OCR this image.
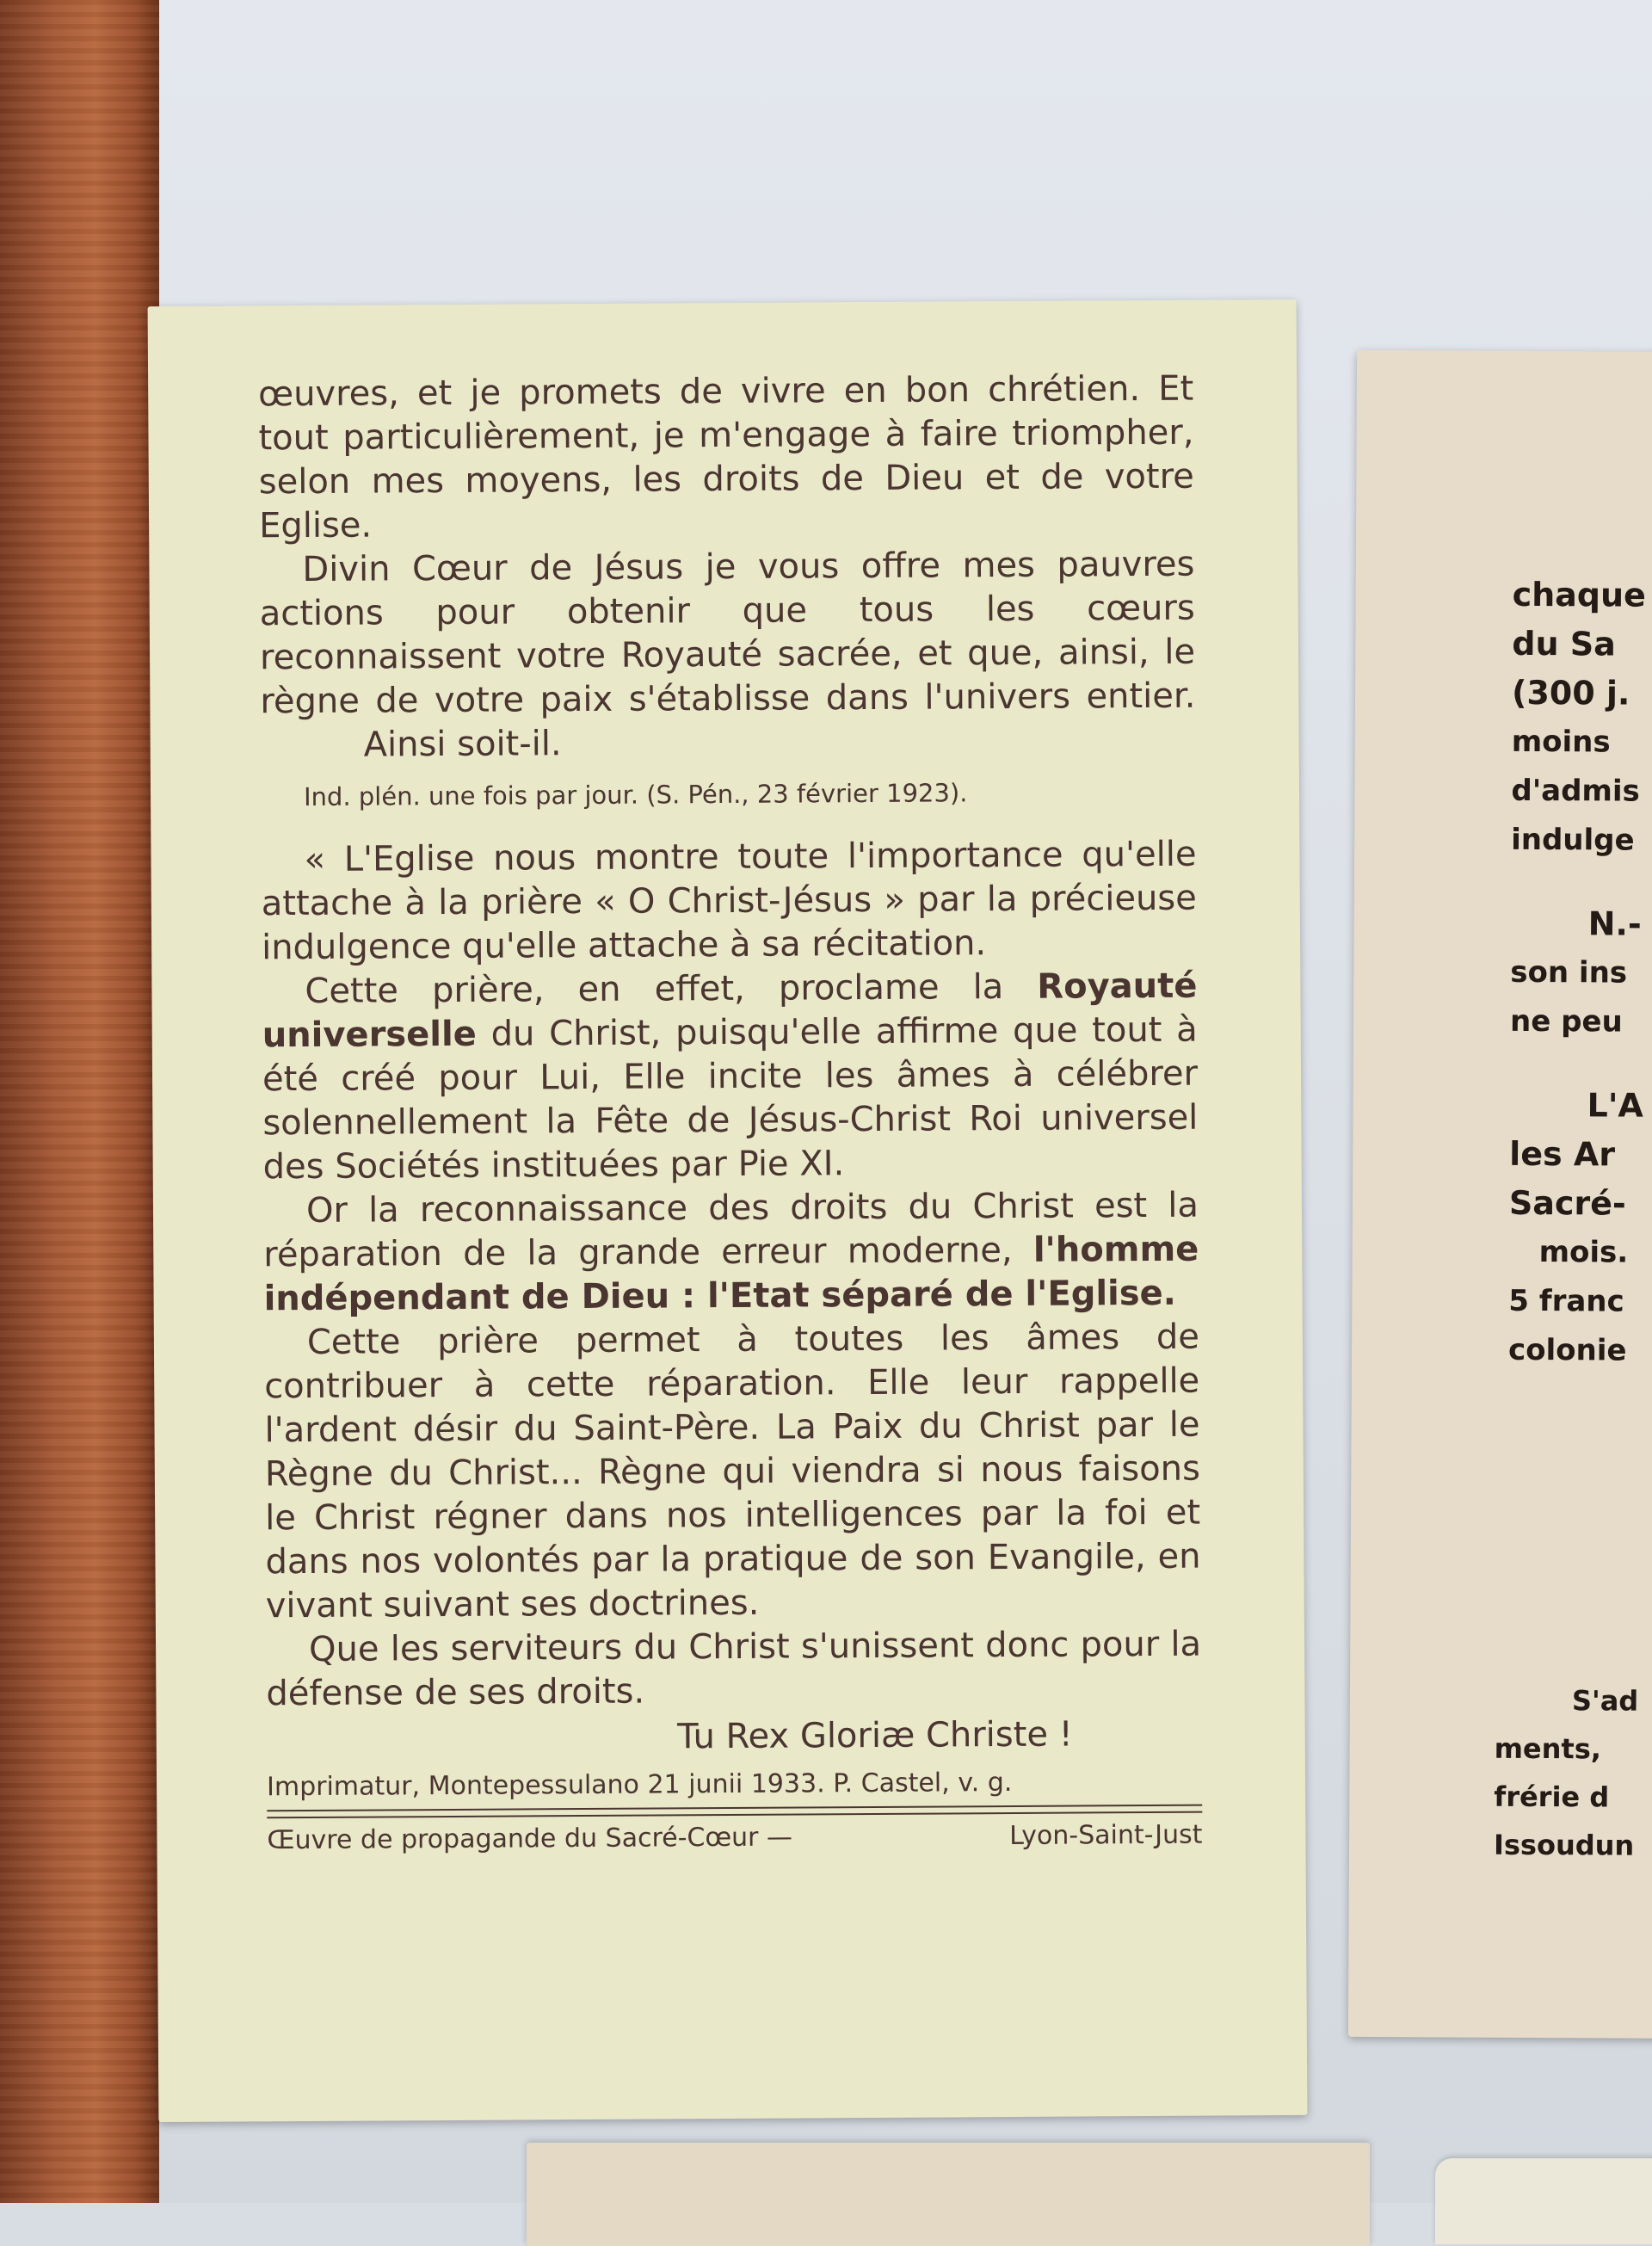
œuvres, et je promets de vivre en bon chrétien. Et tout particulièrement, je m'engage à faire triompher, selon mes moyens, les droits de Dieu et de votre Eglise.

Divin Cœur de Jésus je vous offre mes pauvres actions pour obtenir que tous les cœurs reconnaissent votre Royauté sacrée, et que, ainsi, le règne de votre paix s'établisse dans l'univers entier. Ainsi soit-il.

Ind. plén. une fois par jour. (S. Pén., 23 février 1923).

« L'Eglise nous montre toute l'importance qu'elle attache à la prière « O Christ-Jésus » par la précieuse indulgence qu'elle attache à sa récitation.

Cette prière, en effet, proclame la Royauté universelle du Christ, puisqu'elle affirme que tout à été créé pour Lui, Elle incite les âmes à célébrer solennellement la Fête de Jésus-Christ Roi universel des Sociétés instituées par Pie XI.

Or la reconnaissance des droits du Christ est la réparation de la grande erreur moderne, l'homme indépendant de Dieu : l'Etat séparé de l'Eglise.

Cette prière permet à toutes les âmes de contribuer à cette réparation. Elle leur rappelle l'ardent désir du Saint-Père. La Paix du Christ par le Règne du Christ... Règne qui viendra si nous faisons le Christ régner dans nos intelligences par la foi et dans nos volontés par la pratique de son Evangile, en vivant suivant ses doctrines.

Que les serviteurs du Christ s'unissent donc pour la défense de ses droits.

Tu Rex Gloriæ Christe !
Imprimatur, Montepessulano 21 junii 1933. P. Castel, v. g.
Œuvre de propagande du Sacré-Cœur —	Lyon-Saint-Just
chaque
du Sa
(300 j.
moins
d'admis
indulge
N.-
son ins
ne peu
L'A
les Ar
Sacré-
mois.
5 franc
colonie
S'ad
ments,
frérie d
Issoudun
